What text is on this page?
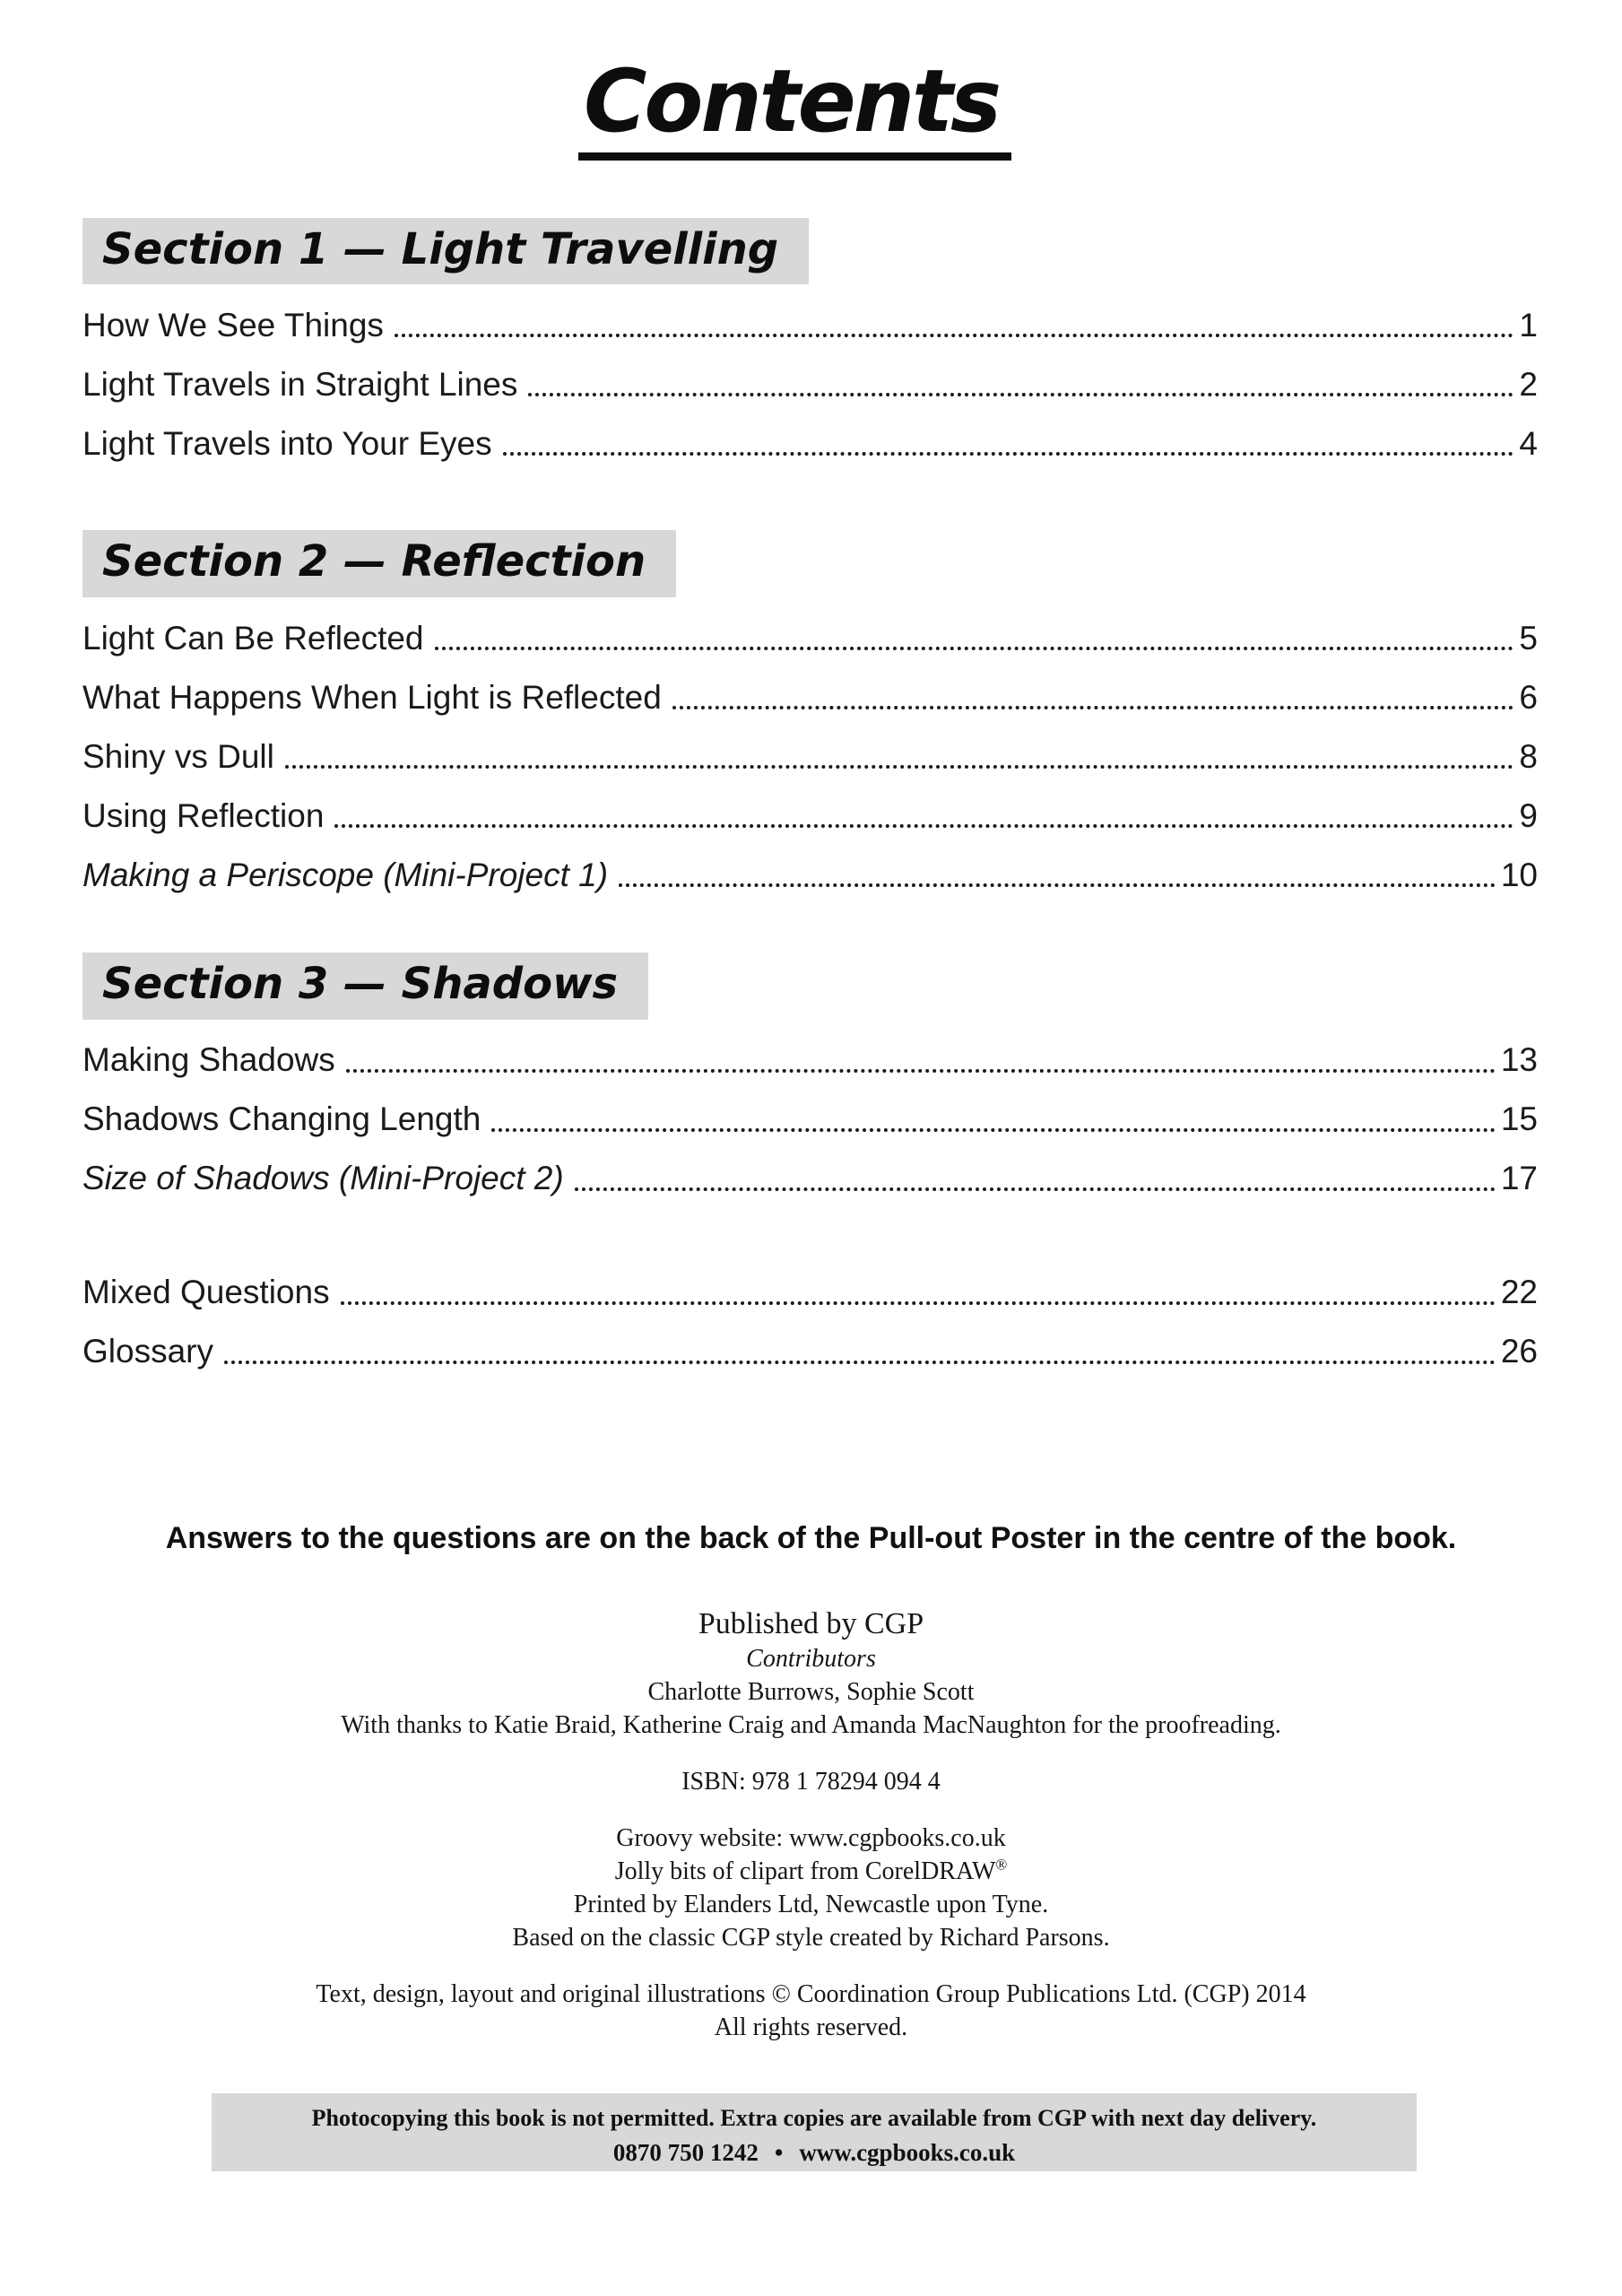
Contents
Section 1 — Light Travelling
How We See Things	1
Light Travels in Straight Lines	2
Light Travels into Your Eyes	4
Section 2 — Reflection
Light Can Be Reflected	5
What Happens When Light is Reflected	6
Shiny vs Dull	8
Using Reflection	9
Making a Periscope (Mini-Project 1)	10
Section 3 — Shadows
Making Shadows	13
Shadows Changing Length	15
Size of Shadows (Mini-Project 2)	17
Mixed Questions	22
Glossary	26
Answers to the questions are on the back of the Pull-out Poster in the centre of the book.
Published by CGP
Contributors
Charlotte Burrows, Sophie Scott
With thanks to Katie Braid, Katherine Craig and Amanda MacNaughton for the proofreading.
ISBN: 978 1 78294 094 4
Groovy website: www.cgpbooks.co.uk
Jolly bits of clipart from CorelDRAW®
Printed by Elanders Ltd, Newcastle upon Tyne.
Based on the classic CGP style created by Richard Parsons.
Text, design, layout and original illustrations © Coordination Group Publications Ltd. (CGP) 2014
All rights reserved.
Photocopying this book is not permitted. Extra copies are available from CGP with next day delivery.
0870 750 1242 • www.cgpbooks.co.uk
